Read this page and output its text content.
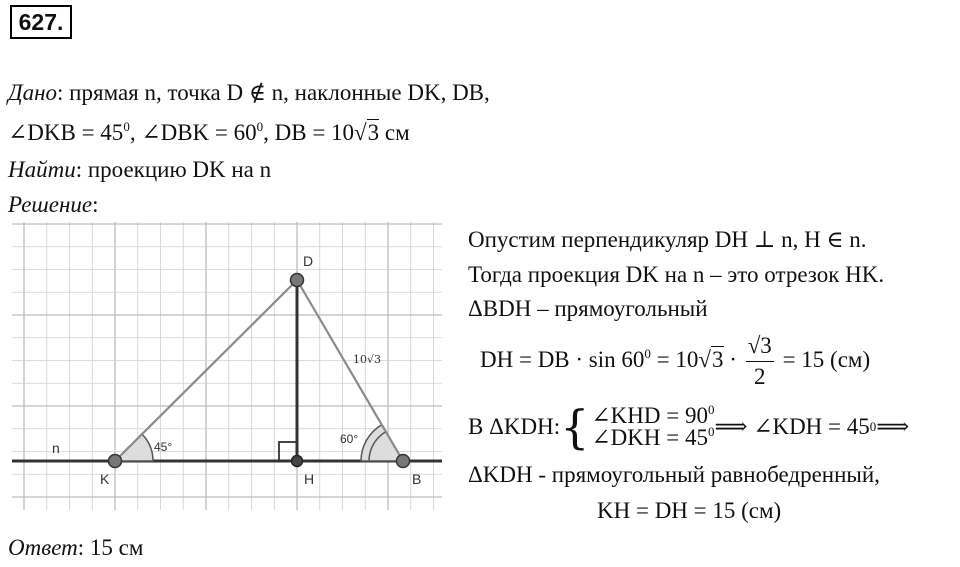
627.
Дано: прямая n, точка D ∉ n, наклонные DK, DB,
∠DKB = $45^0$, ∠DBK = $60^0$, DB = 10√3 см
Найти: проекцию DK на n
Решение:
D
K	H	B
n	45°
60°
10√3
Опустим перпендикуляр DH ⊥ n, H ∈ n.
Тогда проекция DK на n – это отрезок HK.
ΔBDH – прямоугольный
DH = DB · $\sin 60^0 = 10√3 \cdot \frac{√3}{2} = 15$ (см)
В ΔKDH: { ∠KHD = $90^0$
∠DKH = $45^0$ ⟹ ∠KDH = 45 0 ⟹
ΔKDH - прямоугольный равнобедренный,
KH = DH = 15 (см)
Ответ: 15 см
